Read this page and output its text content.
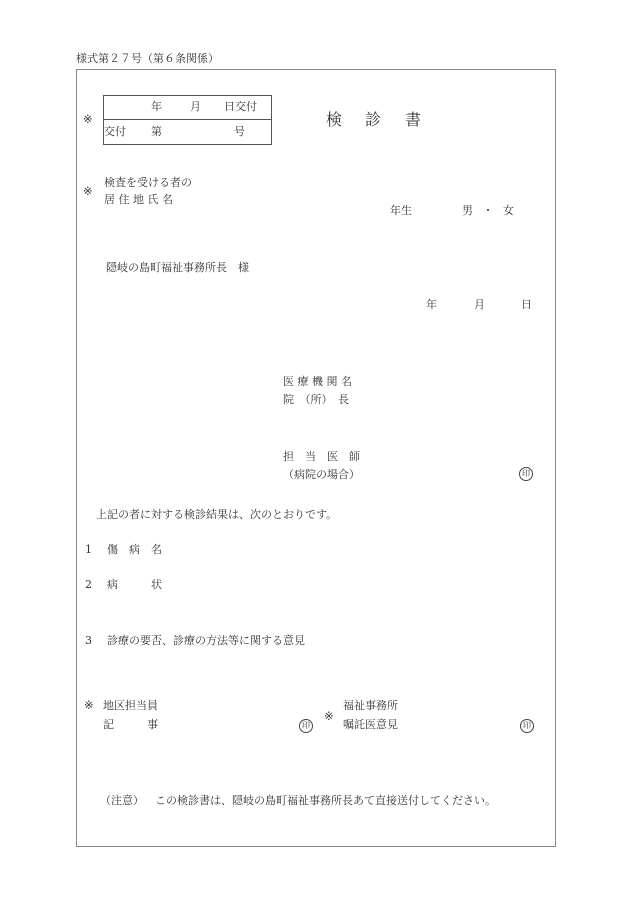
様式第２７号（第６条関係）
※
年	月 日交付
交付 第	号
検 診 書
※
検査を受ける者の
居 住 地 氏 名
年生	男 ・ 女
隠岐の島町福祉事務所長　様
年	月	日
医 療 機 関 名
院　（所）　長
担　当　医　師
（病院の場合）	印
上記の者に対する検診結果は、次のとおりです。
1 傷　病　名
2 病　　　状
3 診療の要否、診療の方法等に関する意見
※ 地区担当員
記　　　事	印
※
福祉事務所
嘱託医意見	印
（注意） この検診書は、隠岐の島町福祉事務所長あて直接送付してください。
